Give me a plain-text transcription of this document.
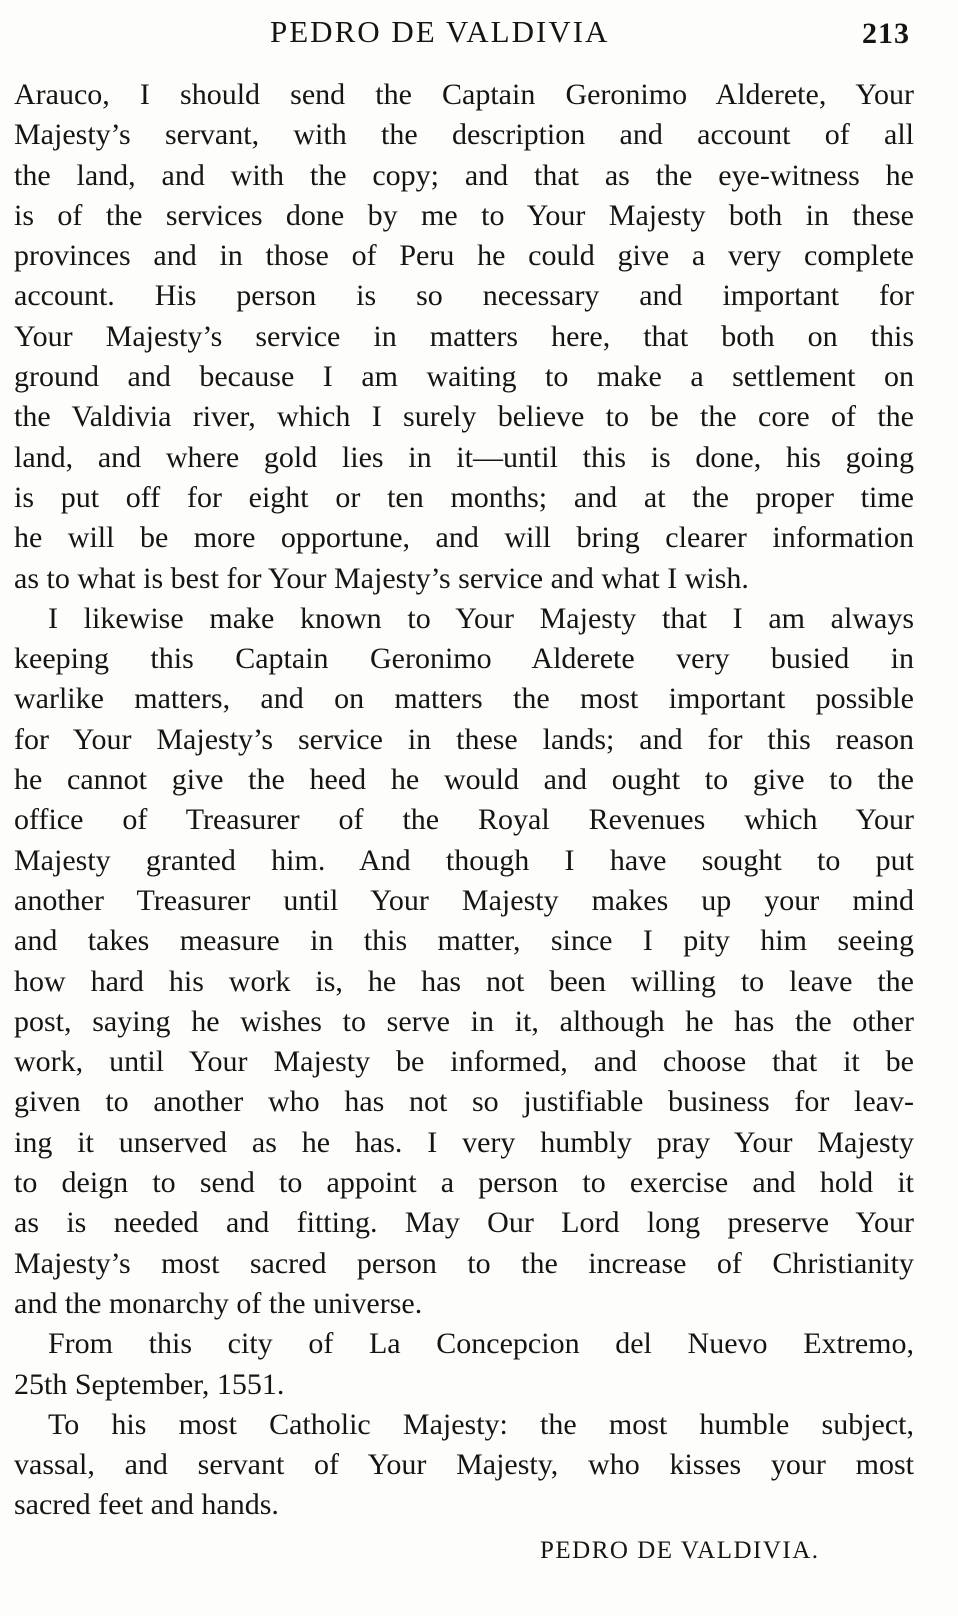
PEDRO DE VALDIVIA	213
Arauco, I should send the Captain Geronimo Alderete, Your
Majesty’s servant, with the description and account of all
the land, and with the copy; and that as the eye-witness he
is of the services done by me to Your Majesty both in these
provinces and in those of Peru he could give a very complete
account. His person is so necessary and important for
Your Majesty’s service in matters here, that both on this
ground and because I am waiting to make a settlement on
the Valdivia river, which I surely believe to be the core of the
land, and where gold lies in it—until this is done, his going
is put off for eight or ten months; and at the proper time
he will be more opportune, and will bring clearer information
as to what is best for Your Majesty’s service and what I wish.
I likewise make known to Your Majesty that I am always
keeping this Captain Geronimo Alderete very busied in
warlike matters, and on matters the most important possible
for Your Majesty’s service in these lands; and for this reason
he cannot give the heed he would and ought to give to the
office of Treasurer of the Royal Revenues which Your
Majesty granted him. And though I have sought to put
another Treasurer until Your Majesty makes up your mind
and takes measure in this matter, since I pity him seeing
how hard his work is, he has not been willing to leave the
post, saying he wishes to serve in it, although he has the other
work, until Your Majesty be informed, and choose that it be
given to another who has not so justifiable business for leav-
ing it unserved as he has. I very humbly pray Your Majesty
to deign to send to appoint a person to exercise and hold it
as is needed and fitting. May Our Lord long preserve Your
Majesty’s most sacred person to the increase of Christianity
and the monarchy of the universe.
From this city of La Concepcion del Nuevo Extremo,
25th September, 1551.
To his most Catholic Majesty: the most humble subject,
vassal, and servant of Your Majesty, who kisses your most
sacred feet and hands.
PEDRO DE VALDIVIA.
